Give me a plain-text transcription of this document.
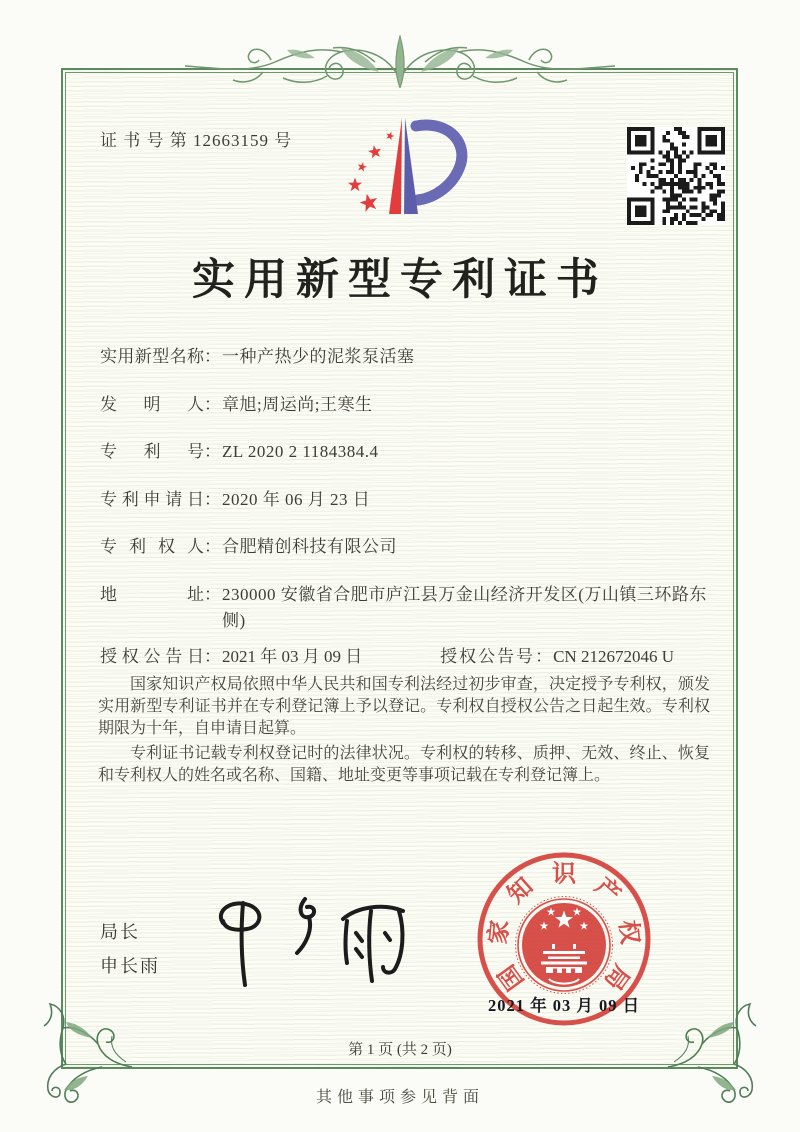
证 书 号 第 12663159 号
实用新型专利证书
实用新型名称 ： 一种产热少的泥浆泵活塞
发明人 ： 章旭;周运尚;王寒生
专利号 ： ZL 2020 2 1184384.4
专利申请日 ： 2020 年 06 月 23 日
专利权人 ： 合肥精创科技有限公司
地址 ： 230000 安徽省合肥市庐江县万金山经济开发区(万山镇三环路东侧)
授权公告日 ： 2021 年 03 月 09 日	授权公告号 ： CN 212672046 U

国家知识产权局依照中华人民共和国专利法经过初步审查，决定授予专利权，颁发实用新型专利证书并在专利登记簿上予以登记。专利权自授权公告之日起生效。专利权期限为十年，自申请日起算。

专利证书记载专利权登记时的法律状况。专利权的转移、质押、无效、终止、恢复和专利权人的姓名或名称、国籍、地址变更等事项记载在专利登记簿上。

局长
申长雨	国
家
知 识 产
权
局
2021 年 03 月 09 日
第 1 页 (共 2 页)
其他事项参见背面
